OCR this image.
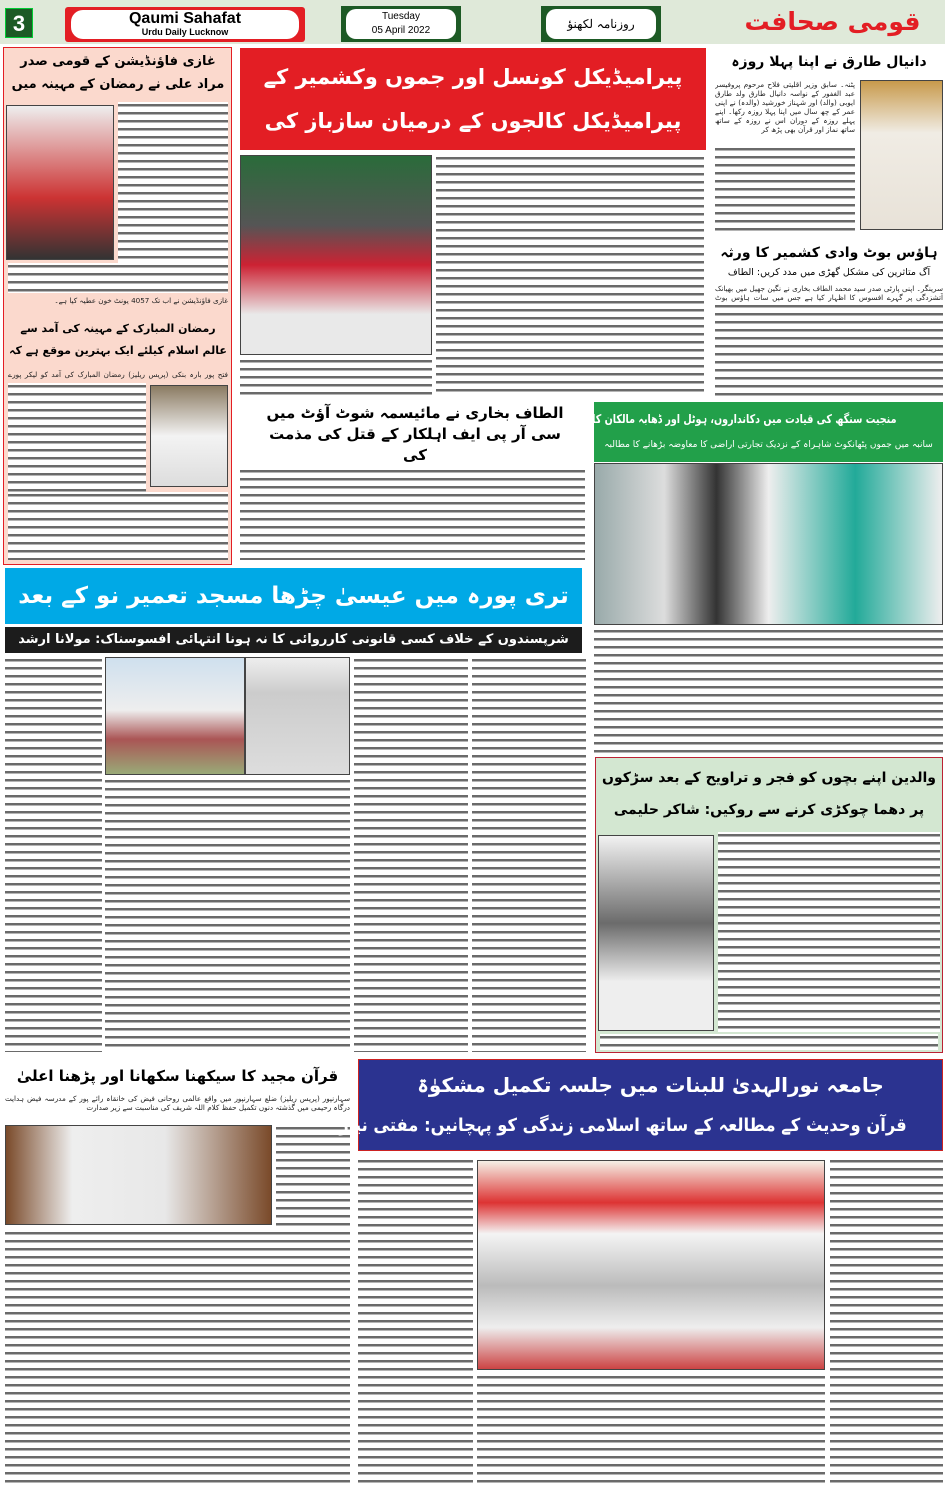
3	Qaumi Sahafat
Urdu Daily Lucknow
Tuesday
05 April 2022	روزنامہ لکھنؤ	قومی صحافت
غازی فاؤنڈیشن کے قومی صدر مراد علی نے رمضان کے مہینہ میں
غازی فاؤنڈیشن نے اب تک 4057 یونٹ خون عطیہ کیا ہے۔
رمضان المبارک کے مہینہ کی آمد سے عالم اسلام کیلئے ایک بہترین موقع ہے کہ
فتح پور بارہ بنکی (پریس ریلیز) رمضان المبارک کی آمد کو لیکر پورے
پیرامیڈیکل کونسل اور جموں وکشمیر کے پیرامیڈیکل کالجوں کے درمیان سازباز کی
الطاف بخاری نے مائیسمہ شوٹ آؤٹ میں سی آر پی ایف اہلکار کے قتل کی مذمت کی
دانیال طارق نے اپنا پہلا روزہ
پٹنہ۔ سابق وزیر اقلیتی فلاح مرحوم پروفیسر عبد الغفور کے نواسہ دانیال طارق ولد طارق ایوبی (والد) اور شہناز خورشید (والدہ) نے اپنی عمر کے چھ سال میں اپنا پہلا روزہ رکھا۔ اپنے پہلے روزہ کے دوران اس نے روزہ کے ساتھ ساتھ نماز اور قرآن بھی پڑھ کر
ہاؤس بوٹ وادی کشمیر کا ورثہ
آگ متاثرین کی مشکل گھڑی میں مدد کریں: الطاف
سرینگر۔ اپنی پارٹی صدر سید محمد الطاف بخاری نے نگین جھیل میں بھیانک آتشزدگی پر گہرے افسوس کا اظہار کیا ہے جس میں سات ہاؤس بوٹ
منجیت سنگھ کی قیادت میں دکانداروں، ہوٹل اور ڈھابہ مالکان کا احتجاج
سانبہ میں جموں پٹھانکوٹ شاہراہ کے نزدیک تجارتی اراضی کا معاوضہ بڑھانے کا مطالبہ
تری پورہ میں عیسیٰ چڑھا مسجد تعمیر نو کے بعد
شرپسندوں کے خلاف کسی قانونی کارروائی کا نہ ہونا انتہائی افسوسناک: مولانا ارشد
والدین اپنے بچوں کو فجر و تراویح کے بعد سڑکوں پر دھما چوکڑی کرنے سے روکیں: شاکر حلیمی
قرآن مجید کا سیکھنا سکھانا اور پڑھنا اعلیٰ
سہارنپور (پریس ریلیز) ضلع سہارنپور میں واقع عالمی روحانی فیض کی خانقاہ رائے پور کے مدرسہ فیض ہدایت درگاہ رحیمی میں گذشتہ دنوں تکمیل حفظ کلام اللہ شریف کی مناسبت سے زیر صدارت
جامعہ نورالہدیٰ للبنات میں جلسہ تکمیل مشکوٰۃ
قرآن وحدیث کے مطالعہ کے ساتھ اسلامی زندگی کو پہچانیں: مفتی نیاز
